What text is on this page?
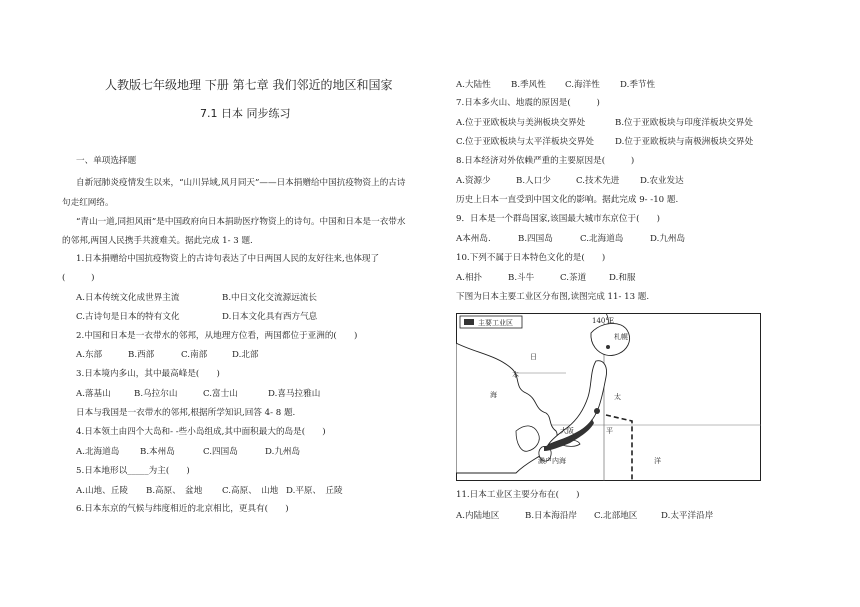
人教版七年级地理 下册 第七章 我们邻近的地区和国家
7.1 日本 同步练习
一、单项选择题
自新冠肺炎疫情发生以来，“山川异域,风月同天”——日本捐赠给中国抗疫物资上的古诗
句走红网络。
“青山一道,同担风雨”是中国政府向日本捐助医疗物资上的诗句。中国和日本是一衣带水
的邻邦,两国人民携手共渡难关。据此完成 1- 3 题.
1.日本捐赠给中国抗疫物资上的古诗句表达了中日两国人民的友好往来,也体现了
(　　　)
A.日本传统文化成世界主流	B.中日文化交流源远流长
C.古诗句是日本的特有文化	D.日本文化具有西方气息
2.中国和日本是一衣带水的邻邦，从地理方位看，两国都位于亚洲的(　　)
A.东部	B.西部	C.南部	D.北部
3.日本境内多山，其中最高峰是(　　)
A.落基山	B.乌拉尔山	C.富士山	D.喜马拉雅山
日本与我国是一衣带水的邻邦,根据所学知识,回答 4- 8 题.
4.日本领土由四个大岛和- -些小岛组成,其中面积最大的岛是(　　)
A.北海道岛 B.本州岛	C.四国岛	D.九州岛
5.日本地形以_____为主(　　)
A.山地、丘陵 B.高原、　盆地 C.高原、　山地 D.平原、　丘陵
6.日本东京的气候与纬度相近的北京相比，更具有(　　)
A.大陆性 B.季风性 C.海洋性 D.季节性
7.日本多火山、地震的原因是(　　　)
A.位于亚欧板块与美洲板块交界处	B.位于亚欧板块与印度洋板块交界处
C.位于亚欧板块与太平洋板块交界处 D.位于亚欧板块与南极洲板块交界处
8.日本经济对外依赖严重的主要原因是(　　　)
A.资源少	B.人口少	C.技术先进 D.农业发达
历史上日本一直受到中国文化的影响。据此完成 9- -10 题.
9．日本是一个群岛国家,该国最大城市东京位于(　　)
A本州岛.	B.四国岛	C.北海道岛	D.九州岛
10.下列不属于日本特色文化的是(　　)
A.相扑	B.斗牛	C.茶道	D.和服
下图为日本主要工业区分布图,读图完成 11- 13 题.
主要工业区	140°E
札幌
日
本
海	太
平
洋
大阪
濑户内海
11.日本工业区主要分布在(　　)
A.内陆地区	B.日本海沿岸 C.北部地区	D.太平洋沿岸
